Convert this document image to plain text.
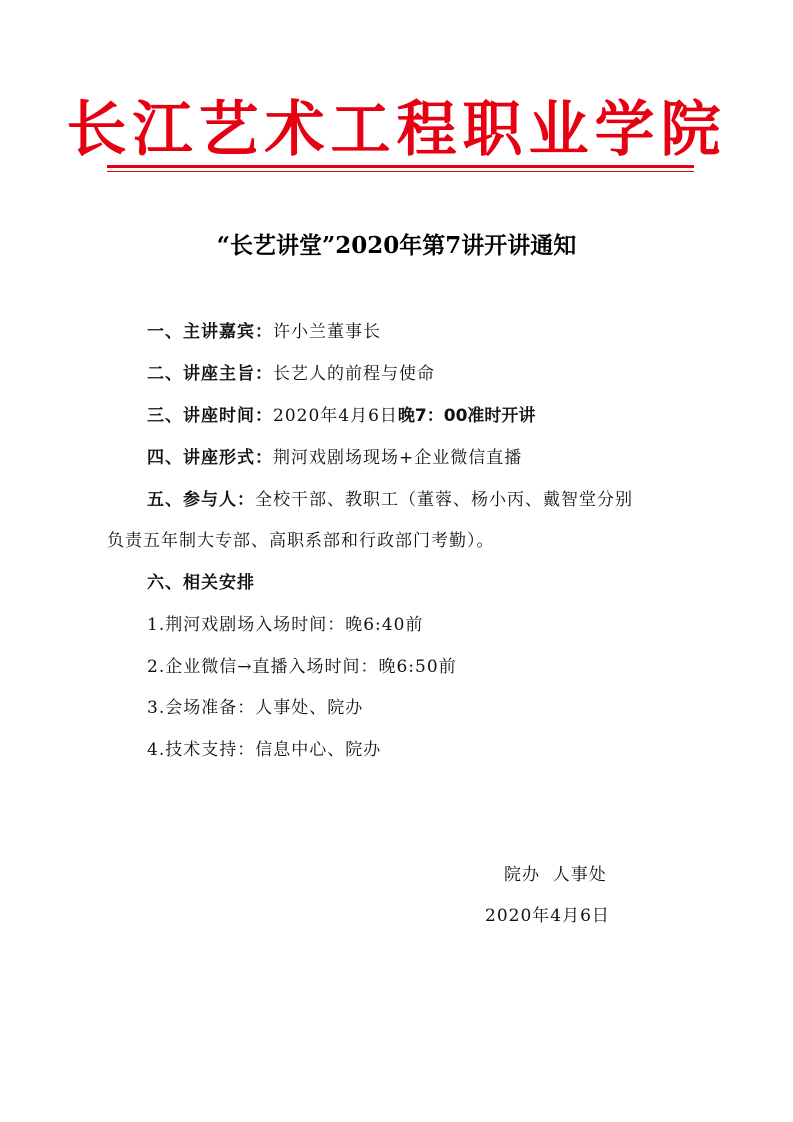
长江艺术工程职业学院
“长艺讲堂”2020年第7讲开讲通知
一、主讲嘉宾：许小兰董事长
二、讲座主旨：长艺人的前程与使命
三、讲座时间：2020年4月6日晚7：00准时开讲
四、讲座形式：荆河戏剧场现场+企业微信直播
五、参与人：全校干部、教职工（董蓉、杨小丙、戴智堂分别
负责五年制大专部、高职系部和行政部门考勤）。
六、相关安排
1.荆河戏剧场入场时间：晚6:40前
2.企业微信→直播入场时间：晚6:50前
3.会场准备：人事处、院办
4.技术支持：信息中心、院办
院办  人事处
2020年4月6日
